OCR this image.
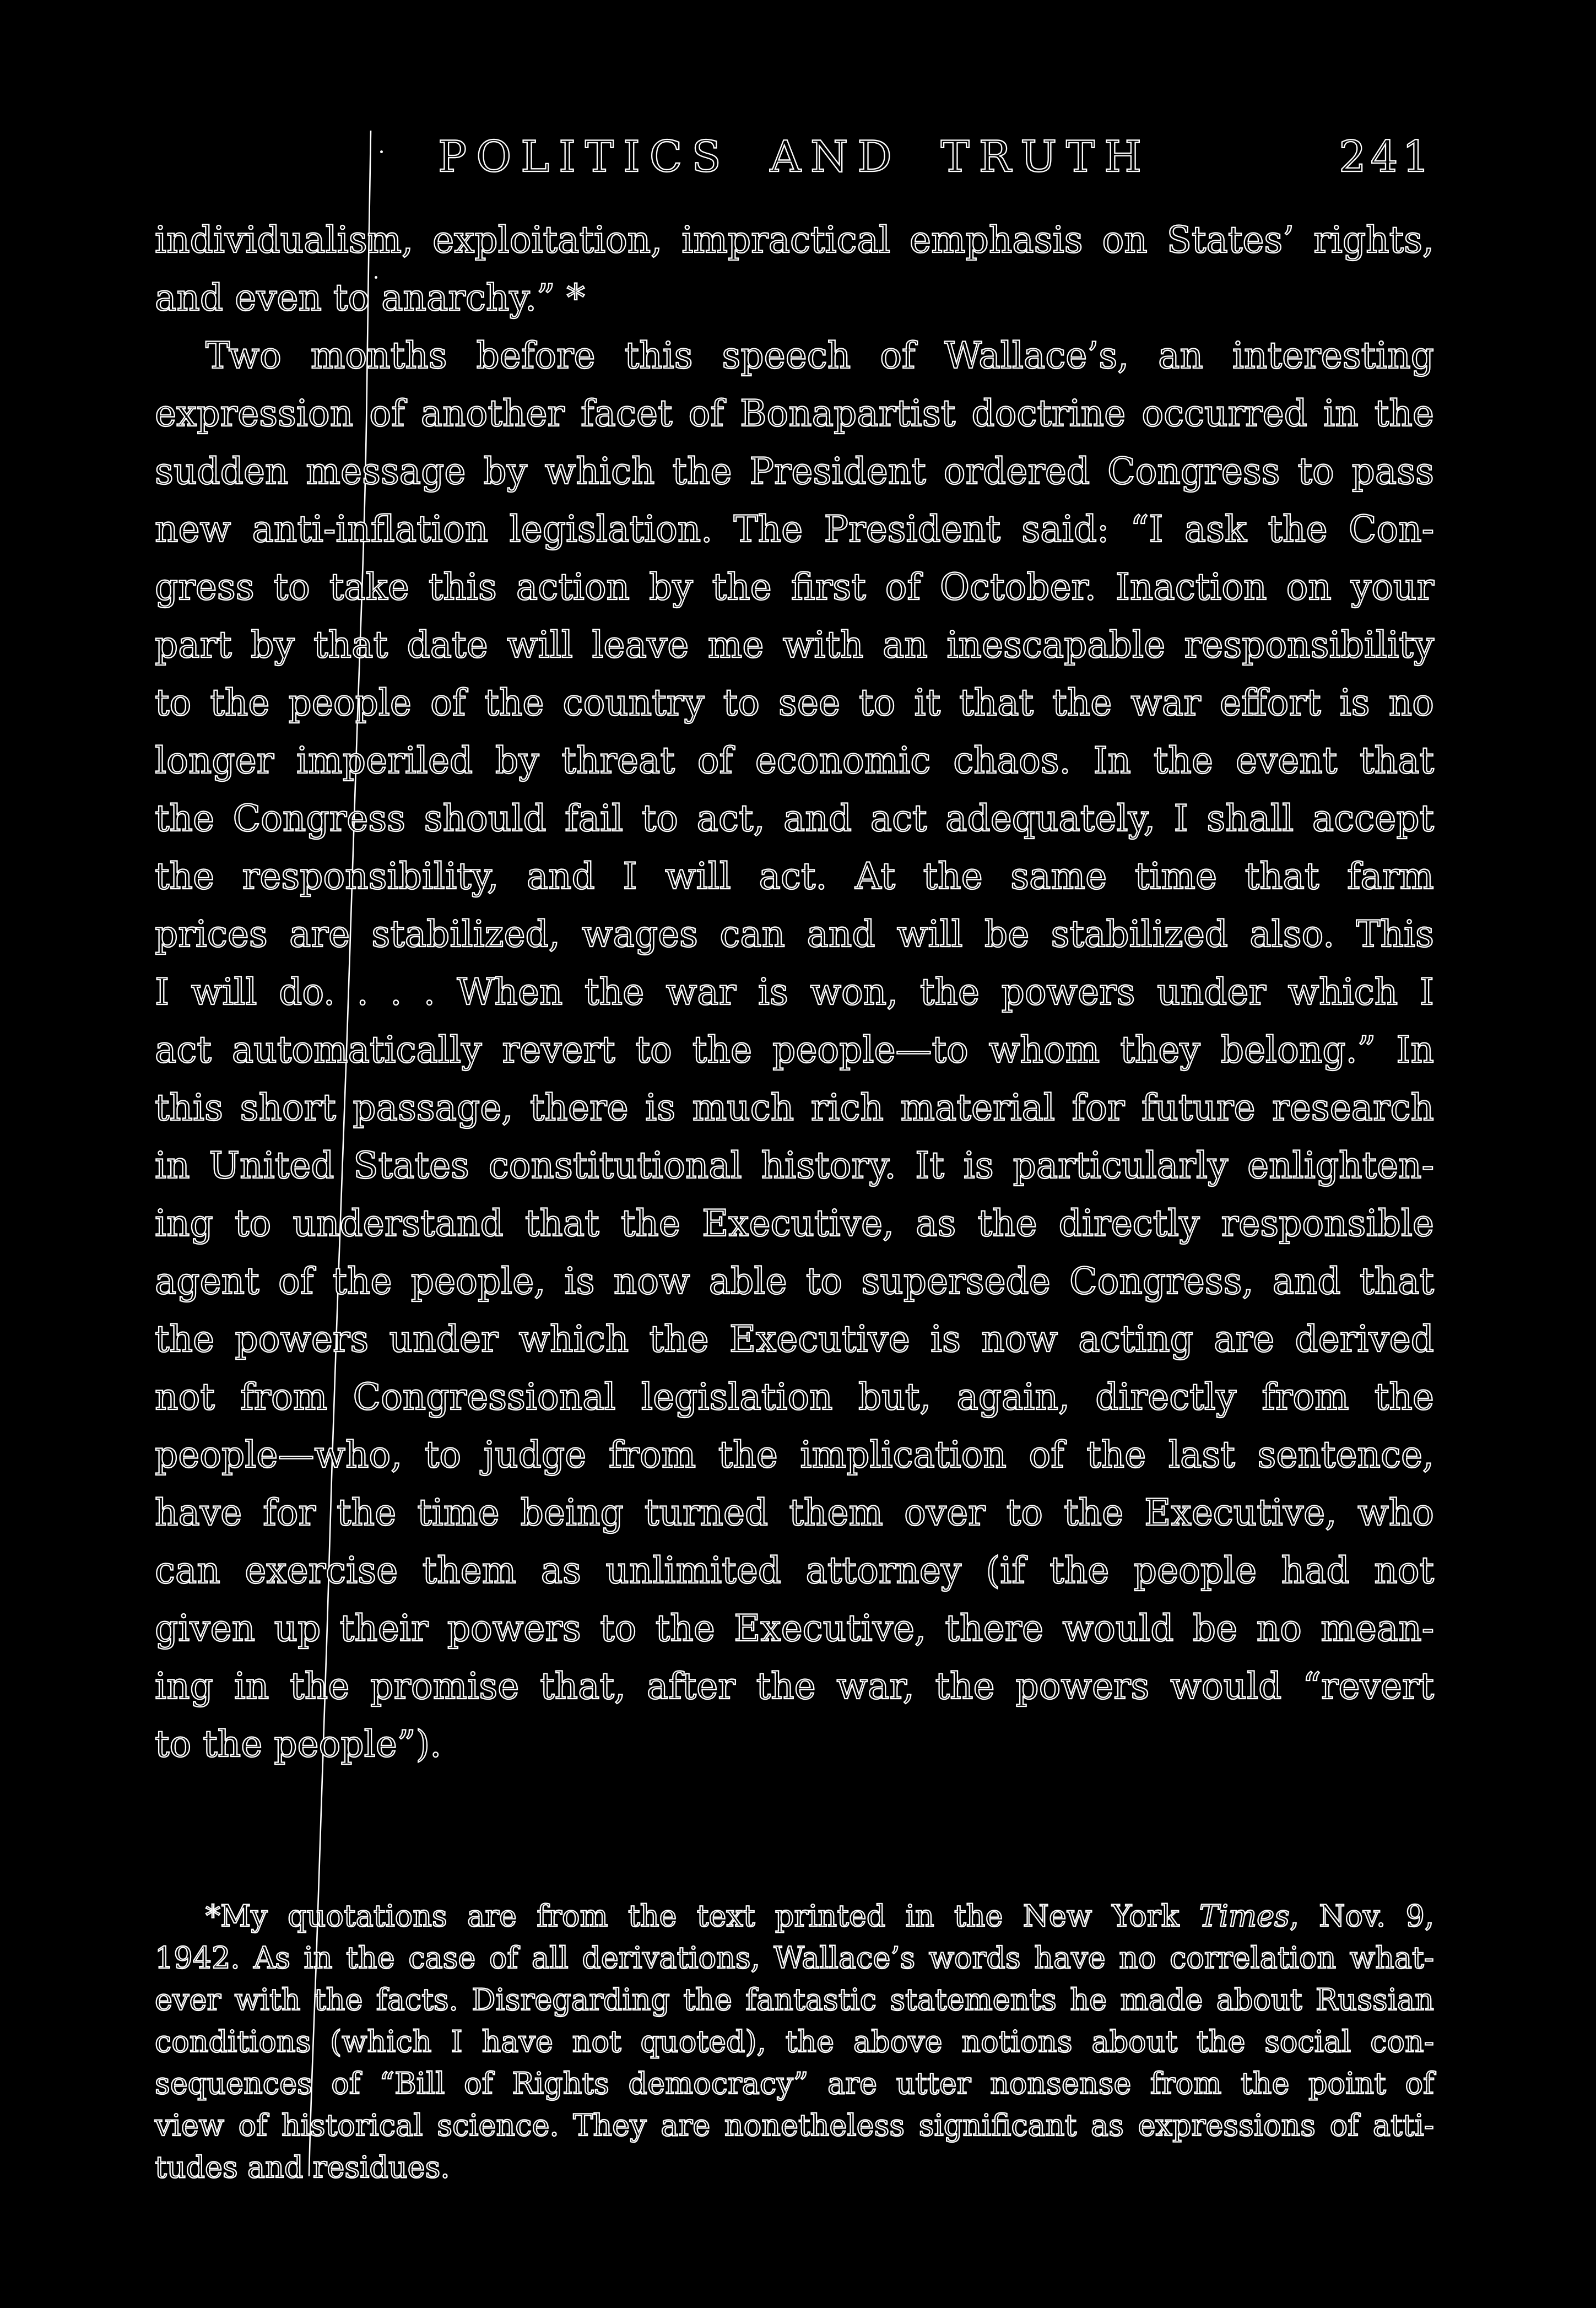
POLITICS AND TRUTH	241
individualism, exploitation, impractical emphasis on States’ rights,
and even to anarchy.” *
Two months before this speech of Wallace’s, an interesting
expression of another facet of Bonapartist doctrine occurred in the
sudden message by which the President ordered Congress to pass
new anti-inflation legislation. The President said: “I ask the Con-
gress to take this action by the first of October. Inaction on your
part by that date will leave me with an inescapable responsibility
to the people of the country to see to it that the war effort is no
longer imperiled by threat of economic chaos. In the event that
the Congress should fail to act, and act adequately, I shall accept
the responsibility, and I will act. At the same time that farm
prices are stabilized, wages can and will be stabilized also. This
I will do. . . . When the war is won, the powers under which I
act automatically revert to the people—to whom they belong.” In
this short passage, there is much rich material for future research
in United States constitutional history. It is particularly enlighten-
ing to understand that the Executive, as the directly responsible
agent of the people, is now able to supersede Congress, and that
the powers under which the Executive is now acting are derived
not from Congressional legislation but, again, directly from the
people—who, to judge from the implication of the last sentence,
have for the time being turned them over to the Executive, who
can exercise them as unlimited attorney (if the people had not
given up their powers to the Executive, there would be no mean-
ing in the promise that, after the war, the powers would “revert
to the people”).
*My quotations are from the text printed in the New York Times, Nov. 9,
1942. As in the case of all derivations, Wallace’s words have no correlation what-
ever with the facts. Disregarding the fantastic statements he made about Russian
conditions (which I have not quoted), the above notions about the social con-
sequences of “Bill of Rights democracy” are utter nonsense from the point of
view of historical science. They are nonetheless significant as expressions of atti-
tudes and residues.
